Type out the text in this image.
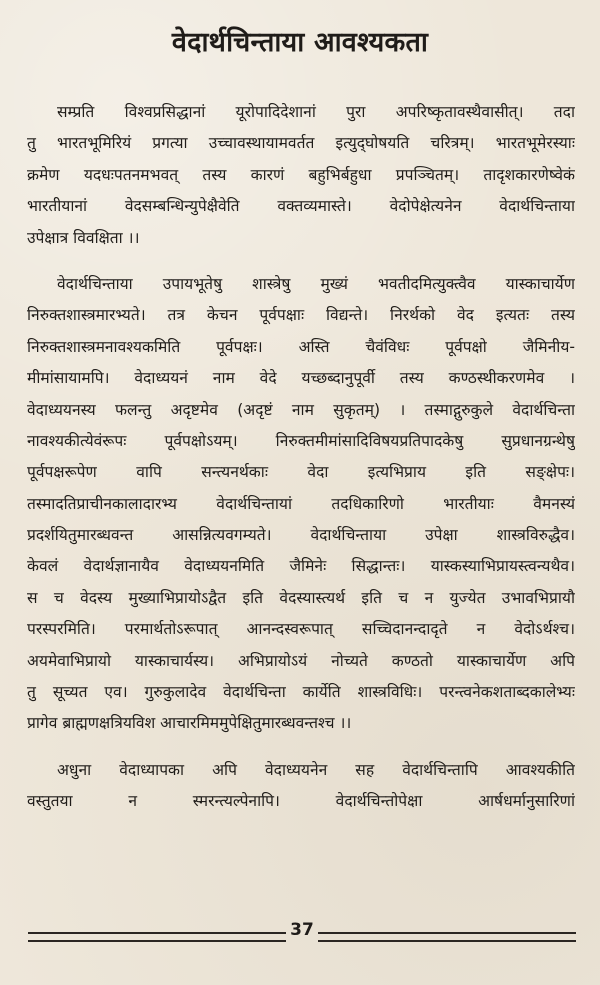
वेदार्थचिन्ताया आवश्यकता
सम्प्रति विश्वप्रसिद्धानां यूरोपादिदेशानां पुरा अपरिष्कृतावस्थैवासीत्। तदा
तु भारतभूमिरियं प्रगत्या उच्चावस्थायामवर्तत इत्युद्‌घोषयति चरित्रम्। भारतभूमेरस्याः
क्रमेण यदधःपतनमभवत् तस्य कारणं बहुभिर्बहुधा प्रपञ्चितम्। तादृशकारणेष्वेकं
भारतीयानां वेदसम्बन्धिन्युपेक्षैवेति वक्तव्यमास्ते। वेदोपेक्षेत्यनेन वेदार्थचिन्ताया
उपेक्षात्र विवक्षिता ।।
वेदार्थचिन्ताया उपायभूतेषु शास्त्रेषु मुख्यं भवतीदमित्युक्त्वैव यास्काचार्येण
निरुक्तशास्त्रमारभ्यते। तत्र केचन पूर्वपक्षाः विद्यन्ते। निरर्थको वेद इत्यतः तस्य
निरुक्तशास्त्रमनावश्यकमिति पूर्वपक्षः। अस्ति चैवंविधः पूर्वपक्षो जैमिनीय-
मीमांसायामपि। वेदाध्ययनं नाम वेदे यच्छब्दानुपूर्वी तस्य कण्ठस्थीकरणमेव ।
वेदाध्ययनस्य फलन्तु अदृष्टमेव (अदृष्टं नाम सुकृतम्) । तस्माद्गुरुकुले वेदार्थचिन्ता
नावश्यकीत्येवंरूपः पूर्वपक्षोऽयम्। निरुक्तमीमांसादिविषयप्रतिपादकेषु सुप्रधानग्रन्थेषु
पूर्वपक्षरूपेण वापि सन्त्यनर्थकाः वेदा इत्यभिप्राय इति सङ्क्षेपः।
तस्मादतिप्राचीनकालादारभ्य वेदार्थचिन्तायां तदधिकारिणो भारतीयाः वैमनस्यं
प्रदर्शयितुमारब्धवन्त आसन्नित्यवगम्यते। वेदार्थचिन्ताया उपेक्षा शास्त्रविरुद्धैव।
केवलं वेदार्थज्ञानायैव वेदाध्ययनमिति जैमिनेः सिद्धान्तः। यास्कस्याभिप्रायस्त्वन्यथैव।
स च वेदस्य मुख्याभिप्रायोऽद्वैत इति वेदस्यास्त्यर्थ इति च न युज्येत उभावभिप्रायौ
परस्परमिति। परमार्थतोऽरूपात् आनन्दस्वरूपात् सच्चिदानन्दादृते न वेदोऽर्थश्च।
अयमेवाभिप्रायो यास्काचार्यस्य। अभिप्रायोऽयं नोच्यते कण्ठतो यास्काचार्येण अपि
तु सूच्यत एव। गुरुकुलादेव वेदार्थचिन्ता कार्येति शास्त्रविधिः। परन्त्वनेकशताब्दकालेभ्यः
प्रागेव ब्राह्मणक्षत्रियविश आचारमिममुपेक्षितुमारब्धवन्तश्च ।।
अधुना वेदाध्यापका अपि वेदाध्ययनेन सह वेदार्थचिन्तापि आवश्यकीति
वस्तुतया न स्मरन्त्यल्पेनापि। वेदार्थचिन्तोपेक्षा आर्षधर्मानुसारिणां
37
